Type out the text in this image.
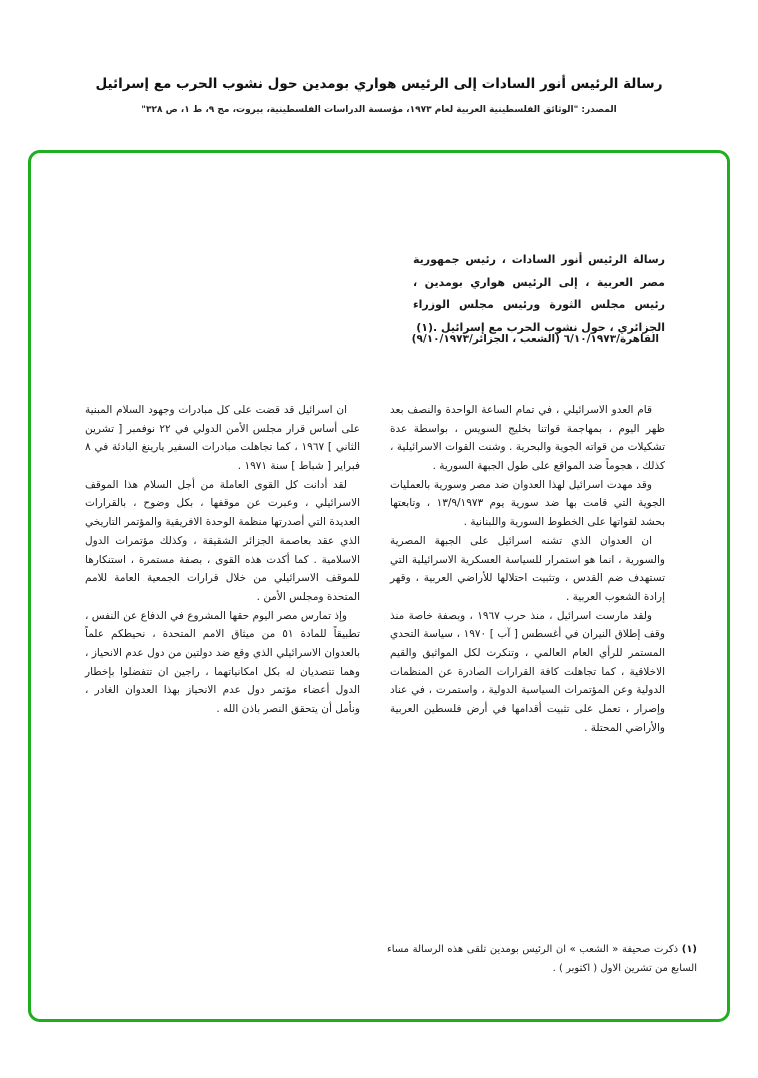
رسالة الرئيس أنور السادات إلى الرئيس هواري بومدين حول نشوب الحرب مع إسرائيل
المصدر: "الوثائق الفلسطينية العربية لعام ١٩٧٣، مؤسسة الدراسات الفلسطينية، بيروت، مج ٩، ط ١، ص ٣٢٨"
رسالة الرئيس أنور السادات ، رئيس جمهورية مصر العربية ، إلى الرئيس هواري بومدين ، رئيس مجلس الثورة ورئيس مجلس الوزراء الجزائري ، حول نشوب الحرب مع إسرائيل .(١)
القاهرة/٦/١٠/١٩٧٣ (الشعب ، الجزائر/٩/١٠/١٩٧٣)

قام العدو الاسرائيلي ، في تمام الساعة الواحدة والنصف بعد ظهر اليوم ، بمهاجمة قواتنا بخليج السويس ، بواسطة عدة تشكيلات من قواته الجوية والبحرية . وشنت القوات الاسرائيلية ، كذلك ، هجوماً ضد المواقع على طول الجبهة السورية .

وقد مهدت اسرائيل لهذا العدوان ضد مصر وسورية بالعمليات الجوية التي قامت بها ضد سورية يوم ١٣/٩/١٩٧٣ ، وتابعتها بحشد لقواتها على الخطوط السورية واللبنانية .

ان العدوان الذي تشنه اسرائيل على الجبهة المصرية والسورية ، انما هو استمرار للسياسة العسكرية الاسرائيلية التي تستهدف ضم القدس ، وتثبيت احتلالها للأراضي العربية ، وقهر إرادة الشعوب العربية .

ولقد مارست اسرائيل ، منذ حرب ١٩٦٧ ، وبصفة خاصة منذ وقف إطلاق النيران في أغسطس [ آب ] ١٩٧٠ ، سياسة التحدي المستمر للرأي العام العالمي ، وتنكرت لكل المواثيق والقيم الاخلاقية ، كما تجاهلت كافة القرارات الصادرة عن المنظمات الدولية وعن المؤتمرات السياسية الدولية ، واستمرت ، في عناد وإصرار ، تعمل على تثبيت أقدامها في أرض فلسطين العربية والأراضي المحتلة .

ان اسرائيل قد قضت على كل مبادرات وجهود السلام المبنية على أساس قرار مجلس الأمن الدولي في ٢٢ نوفمبر [ تشرين الثاني ] ١٩٦٧ ، كما تجاهلت مبادرات السفير يارينغ البادئة في ٨ فبراير [ شباط ] سنة ١٩٧١ .

لقد أدانت كل القوى العاملة من أجل السلام هذا الموقف الاسرائيلي ، وعبرت عن موقفها ، بكل وضوح ، بالقرارات العديدة التي أصدرتها منظمة الوحدة الافريقية والمؤتمر التاريخي الذي عقد بعاصمة الجزائر الشقيقة ، وكذلك مؤتمرات الدول الاسلامية . كما أكدت هذه القوى ، بصفة مستمرة ، استنكارها للموقف الاسرائيلي من خلال قرارات الجمعية العامة للامم المتحدة ومجلس الأمن .

وإذ تمارس مصر اليوم حقها المشروع في الدفاع عن النفس ، تطبيقاً للمادة ٥١ من ميثاق الامم المتحدة ، نحيطكم علماً بالعدوان الاسرائيلي الذي وقع ضد دولتين من دول عدم الانحياز ، وهما تتصديان له بكل امكانياتهما ، راجين ان تتفضلوا بإخطار الدول أعضاء مؤتمر دول عدم الانحياز بهذا العدوان الغادر ، ونأمل أن يتحقق النصر باذن الله .

(١) ذكرت صحيفة « الشعب » ان الرئيس بومدين تلقى هذه الرسالة مساء السابع من تشرين الاول ( اكتوبر ) .
